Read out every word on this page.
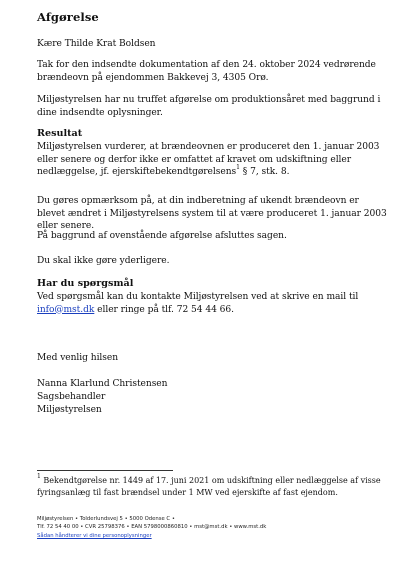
Afgørelse
Kære Thilde Krat Boldsen
Tak for den indsendte dokumentation af den 24. oktober 2024 vedrørende brændeovn på ejendommen Bakkevej 3, 4305 Orø.
Miljøstyrelsen har nu truffet afgørelse om produktionsåret med baggrund i dine indsendte oplysninger.
Resultat
Miljøstyrelsen vurderer, at brændeovnen er produceret den 1. januar 2003 eller senere og derfor ikke er omfattet af kravet om udskiftning eller nedlæggelse, jf. ejerskiftebekendtgørelsens$^1$ § 7, stk. 8.
Du gøres opmærksom på, at din indberetning af ukendt brændeovn er blevet ændret i Miljøstyrelsens system til at være produceret 1. januar 2003 eller senere.
På baggrund af ovenstående afgørelse afsluttes sagen.
Du skal ikke gøre yderligere.
Har du spørgsmål
Ved spørgsmål kan du kontakte Miljøstyrelsen ved at skrive en mail til info@mst.dk eller ringe på tlf. 72 54 44 66.
Med venlig hilsen
Nanna Klarlund Christensen
Sagsbehandler
Miljøstyrelsen
$^1$ Bekendtgørelse nr. 1449 af 17. juni 2021 om udskiftning eller nedlæggelse af visse fyringsanlæg til fast brændsel under 1 MW ved ejerskifte af fast ejendom.
Miljøstyrelsen • Tolderlundsvej 5 • 5000 Odense C •
Tlf. 72 54 40 00 • CVR 25798376 • EAN 5798000860810 • mst@mst.dk • www.mst.dk
Sådan håndterer vi dine personoplysninger
